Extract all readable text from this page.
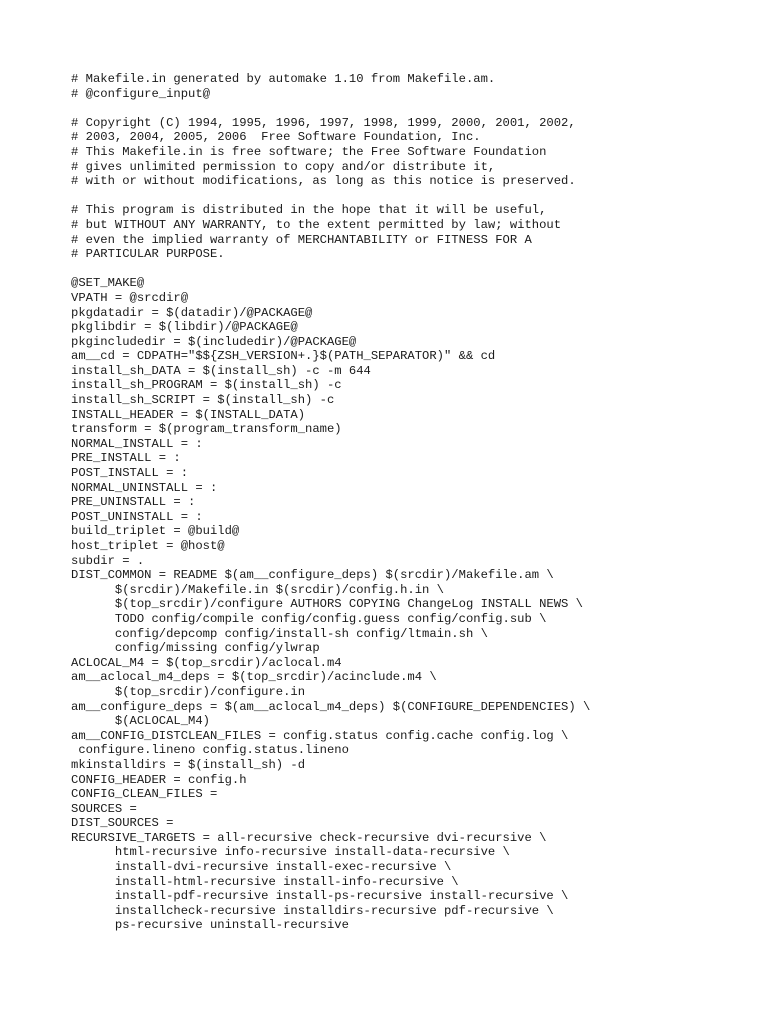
# Makefile.in generated by automake 1.10 from Makefile.am.
# @configure_input@
# Copyright (C) 1994, 1995, 1996, 1997, 1998, 1999, 2000, 2001, 2002,
# 2003, 2004, 2005, 2006  Free Software Foundation, Inc.
# This Makefile.in is free software; the Free Software Foundation
# gives unlimited permission to copy and/or distribute it,
# with or without modifications, as long as this notice is preserved.
# This program is distributed in the hope that it will be useful,
# but WITHOUT ANY WARRANTY, to the extent permitted by law; without
# even the implied warranty of MERCHANTABILITY or FITNESS FOR A
# PARTICULAR PURPOSE.
@SET_MAKE@
VPATH = @srcdir@
pkgdatadir = $(datadir)/@PACKAGE@
pkglibdir = $(libdir)/@PACKAGE@
pkgincludedir = $(includedir)/@PACKAGE@
am__cd = CDPATH="$${ZSH_VERSION+.}$(PATH_SEPARATOR)" && cd
install_sh_DATA = $(install_sh) -c -m 644
install_sh_PROGRAM = $(install_sh) -c
install_sh_SCRIPT = $(install_sh) -c
INSTALL_HEADER = $(INSTALL_DATA)
transform = $(program_transform_name)
NORMAL_INSTALL = :
PRE_INSTALL = :
POST_INSTALL = :
NORMAL_UNINSTALL = :
PRE_UNINSTALL = :
POST_UNINSTALL = :
build_triplet = @build@
host_triplet = @host@
subdir = .
DIST_COMMON = README $(am__configure_deps) $(srcdir)/Makefile.am \
$(srcdir)/Makefile.in $(srcdir)/config.h.in \
$(top_srcdir)/configure AUTHORS COPYING ChangeLog INSTALL NEWS \
TODO config/compile config/config.guess config/config.sub \
config/depcomp config/install-sh config/ltmain.sh \
config/missing config/ylwrap
ACLOCAL_M4 = $(top_srcdir)/aclocal.m4
am__aclocal_m4_deps = $(top_srcdir)/acinclude.m4 \
$(top_srcdir)/configure.in
am__configure_deps = $(am__aclocal_m4_deps) $(CONFIGURE_DEPENDENCIES) \
$(ACLOCAL_M4)
am__CONFIG_DISTCLEAN_FILES = config.status config.cache config.log \
configure.lineno config.status.lineno
mkinstalldirs = $(install_sh) -d
CONFIG_HEADER = config.h
CONFIG_CLEAN_FILES =
SOURCES =
DIST_SOURCES =
RECURSIVE_TARGETS = all-recursive check-recursive dvi-recursive \
html-recursive info-recursive install-data-recursive \
install-dvi-recursive install-exec-recursive \
install-html-recursive install-info-recursive \
install-pdf-recursive install-ps-recursive install-recursive \
installcheck-recursive installdirs-recursive pdf-recursive \
ps-recursive uninstall-recursive
